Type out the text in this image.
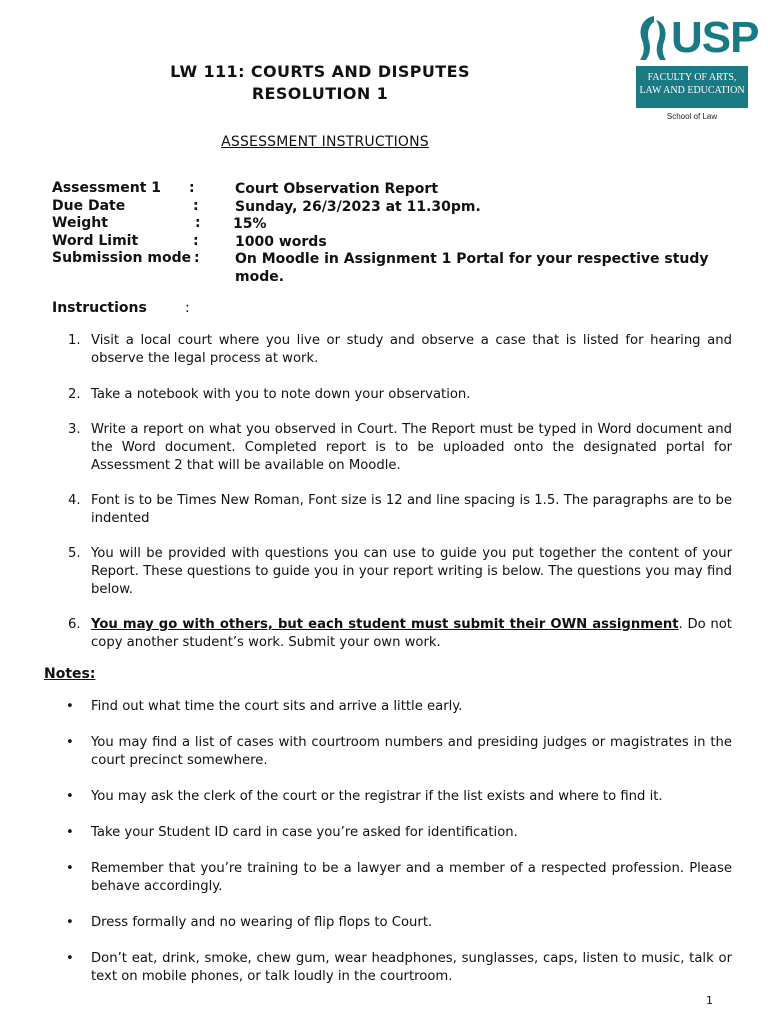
USP
FACULTY OF ARTS,
LAW AND EDUCATION
School of Law
LW 111: COURTS AND DISPUTES
RESOLUTION 1
ASSESSMENT INSTRUCTIONS
Assessment 1 :	Court Observation Report
Due Date	:	Sunday, 26/3/2023 at 11.30pm.
Weight	: 15%
Word Limit	:	1000 words
Submission mode :	On Moodle in Assignment 1 Portal for your respective study mode.
Instructions	:
1. Visit a local court where you live or study and observe a case that is listed for hearing and observe the legal process at work.
2. Take a notebook with you to note down your observation.
3. Write a report on what you observed in Court. The Report must be typed in Word document and the Word document. Completed report is to be uploaded onto the designated portal for Assessment 2 that will be available on Moodle.
4. Font is to be Times New Roman, Font size is 12 and line spacing is 1.5. The paragraphs are to be indented
5. You will be provided with questions you can use to guide you put together the content of your Report. These questions to guide you in your report writing is below. The questions you may find below.
6. You may go with others, but each student must submit their OWN assignment. Do not copy another student’s work. Submit your own work.
Notes:
• Find out what time the court sits and arrive a little early.
• You may find a list of cases with courtroom numbers and presiding judges or magistrates in the court precinct somewhere.
• You may ask the clerk of the court or the registrar if the list exists and where to find it.
• Take your Student ID card in case you’re asked for identification.
• Remember that you’re training to be a lawyer and a member of a respected profession. Please behave accordingly.
• Dress formally and no wearing of flip flops to Court.
• Don’t eat, drink, smoke, chew gum, wear headphones, sunglasses, caps, listen to music, talk or text on mobile phones, or talk loudly in the courtroom.
1
